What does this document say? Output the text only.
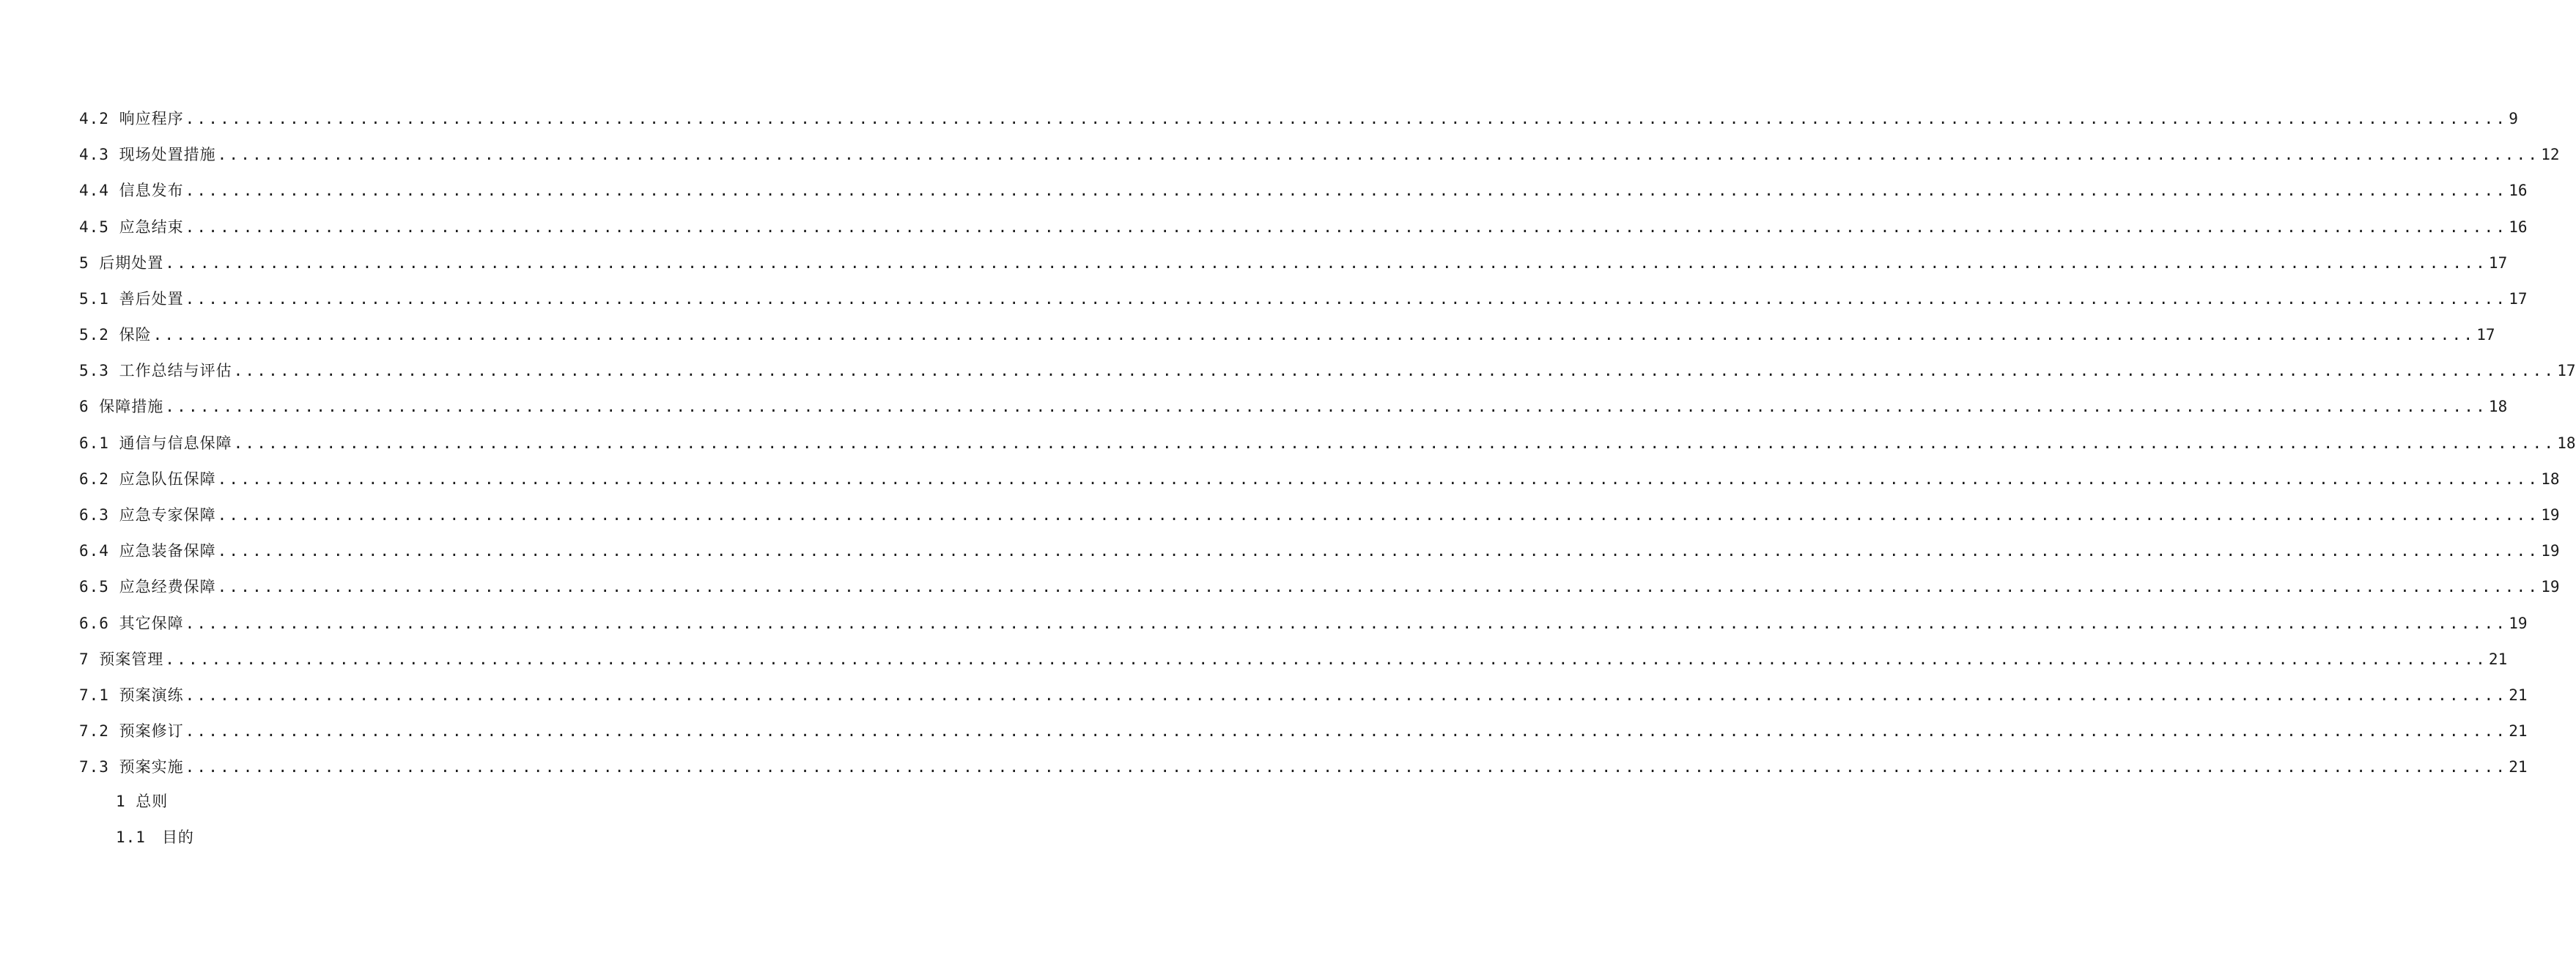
4.2 响应程序 ........................................................................................................................................................................................................ 9
4.3 现场处置措施 ........................................................................................................................................................................................................ 12
4.4 信息发布 ........................................................................................................................................................................................................ 16
4.5 应急结束 ........................................................................................................................................................................................................ 16
5 后期处置 ........................................................................................................................................................................................................ 17
5.1 善后处置 ........................................................................................................................................................................................................ 17
5.2 保险 ........................................................................................................................................................................................................ 17
5.3 工作总结与评估 ........................................................................................................................................................................................................ 17
6 保障措施 ........................................................................................................................................................................................................ 18
6.1 通信与信息保障 ........................................................................................................................................................................................................ 18
6.2 应急队伍保障 ........................................................................................................................................................................................................ 18
6.3 应急专家保障 ........................................................................................................................................................................................................ 19
6.4 应急装备保障 ........................................................................................................................................................................................................ 19
6.5 应急经费保障 ........................................................................................................................................................................................................ 19
6.6 其它保障 ........................................................................................................................................................................................................ 19
7 预案管理 ........................................................................................................................................................................................................ 21
7.1 预案演练 ........................................................................................................................................................................................................ 21
7.2 预案修订 ........................................................................................................................................................................................................ 21
7.3 预案实施 ........................................................................................................................................................................................................ 21
1 总则
1.1 目的
